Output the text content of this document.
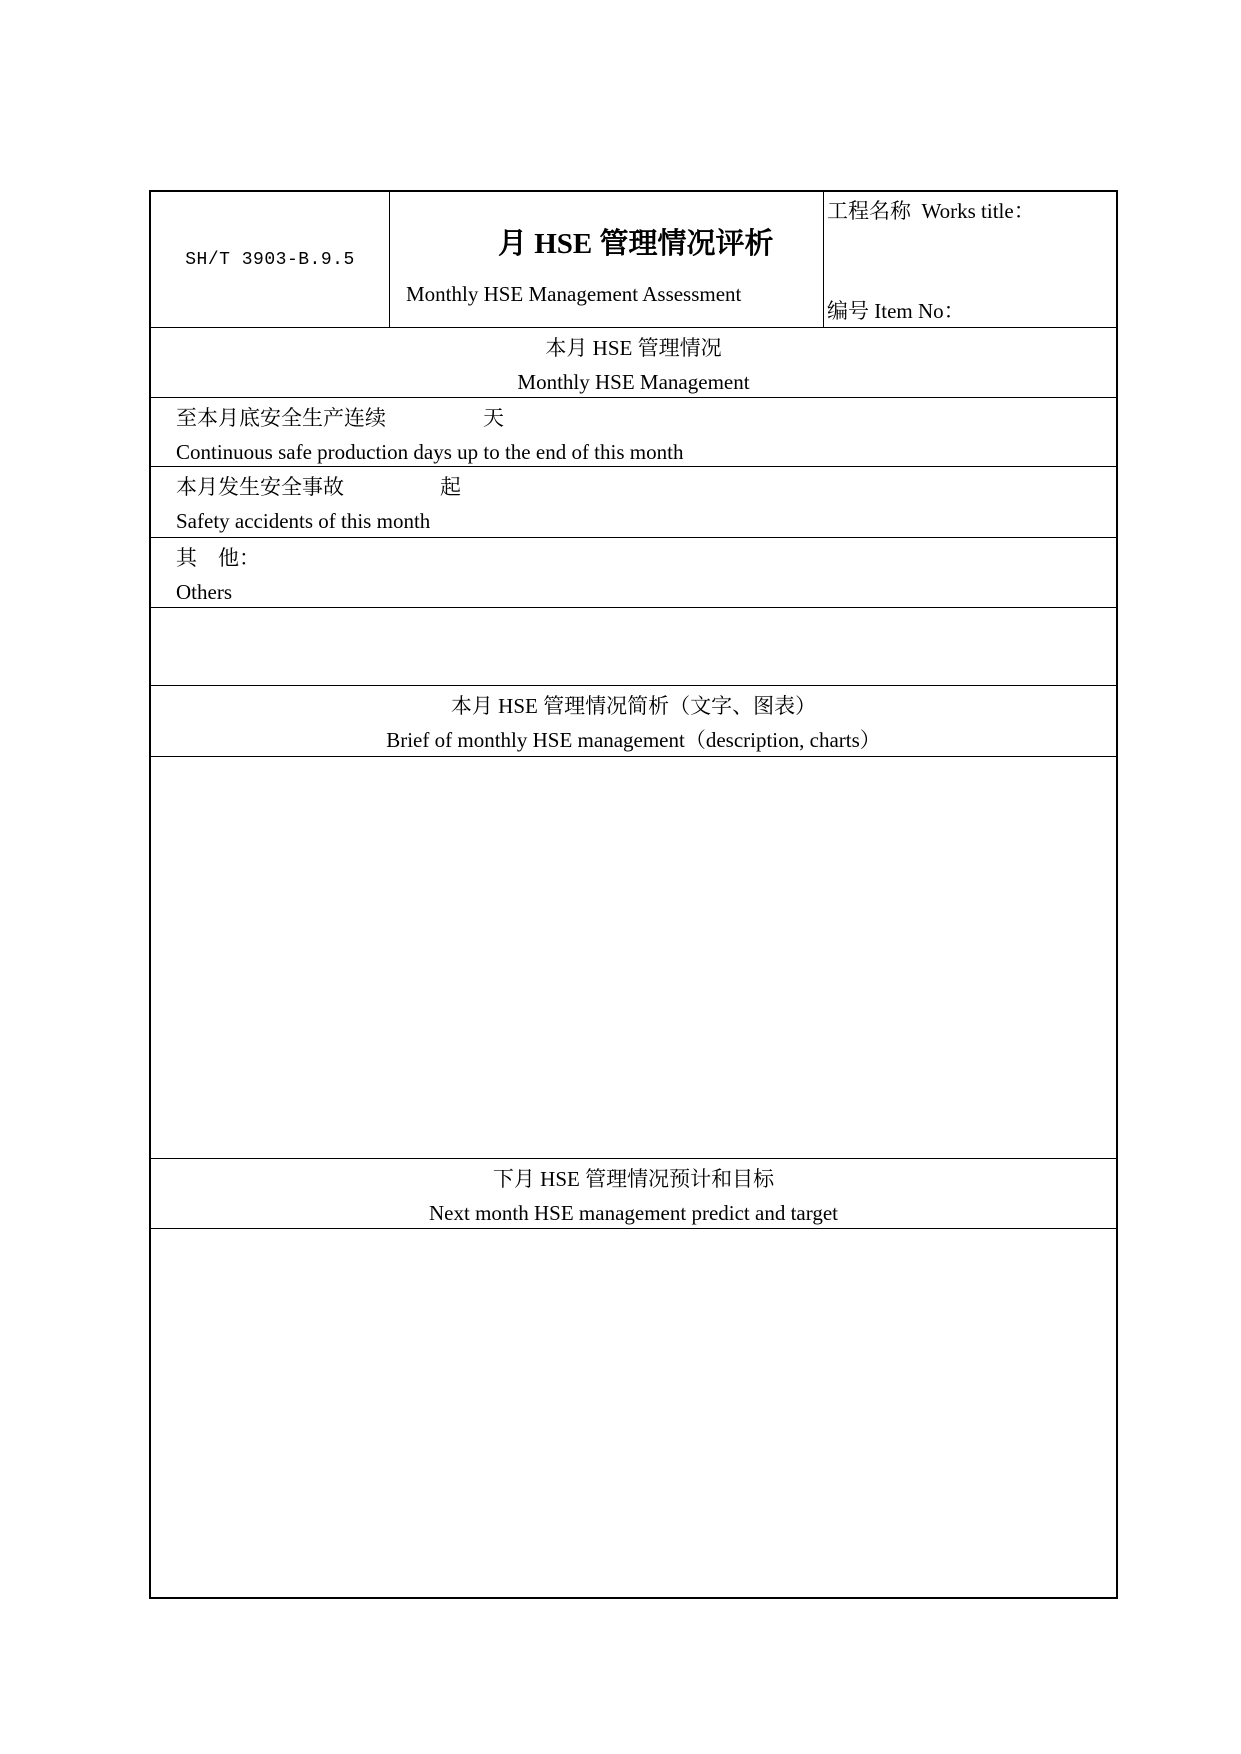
SH/T 3903-B.9.5	月 HSE 管理情况评析
Monthly HSE Management Assessment
工程名称  Works title：
编号 Item No：
本月 HSE 管理情况
Monthly HSE Management
至本月底安全生产连续
Continuous safe production days up to the end of this month
天
本月发生安全事故
Safety accidents of this month
起
其　他：
Others
本月 HSE 管理情况简析（文字、图表）
Brief of monthly HSE management（description, charts）
下月 HSE 管理情况预计和目标
Next month HSE management predict and target
